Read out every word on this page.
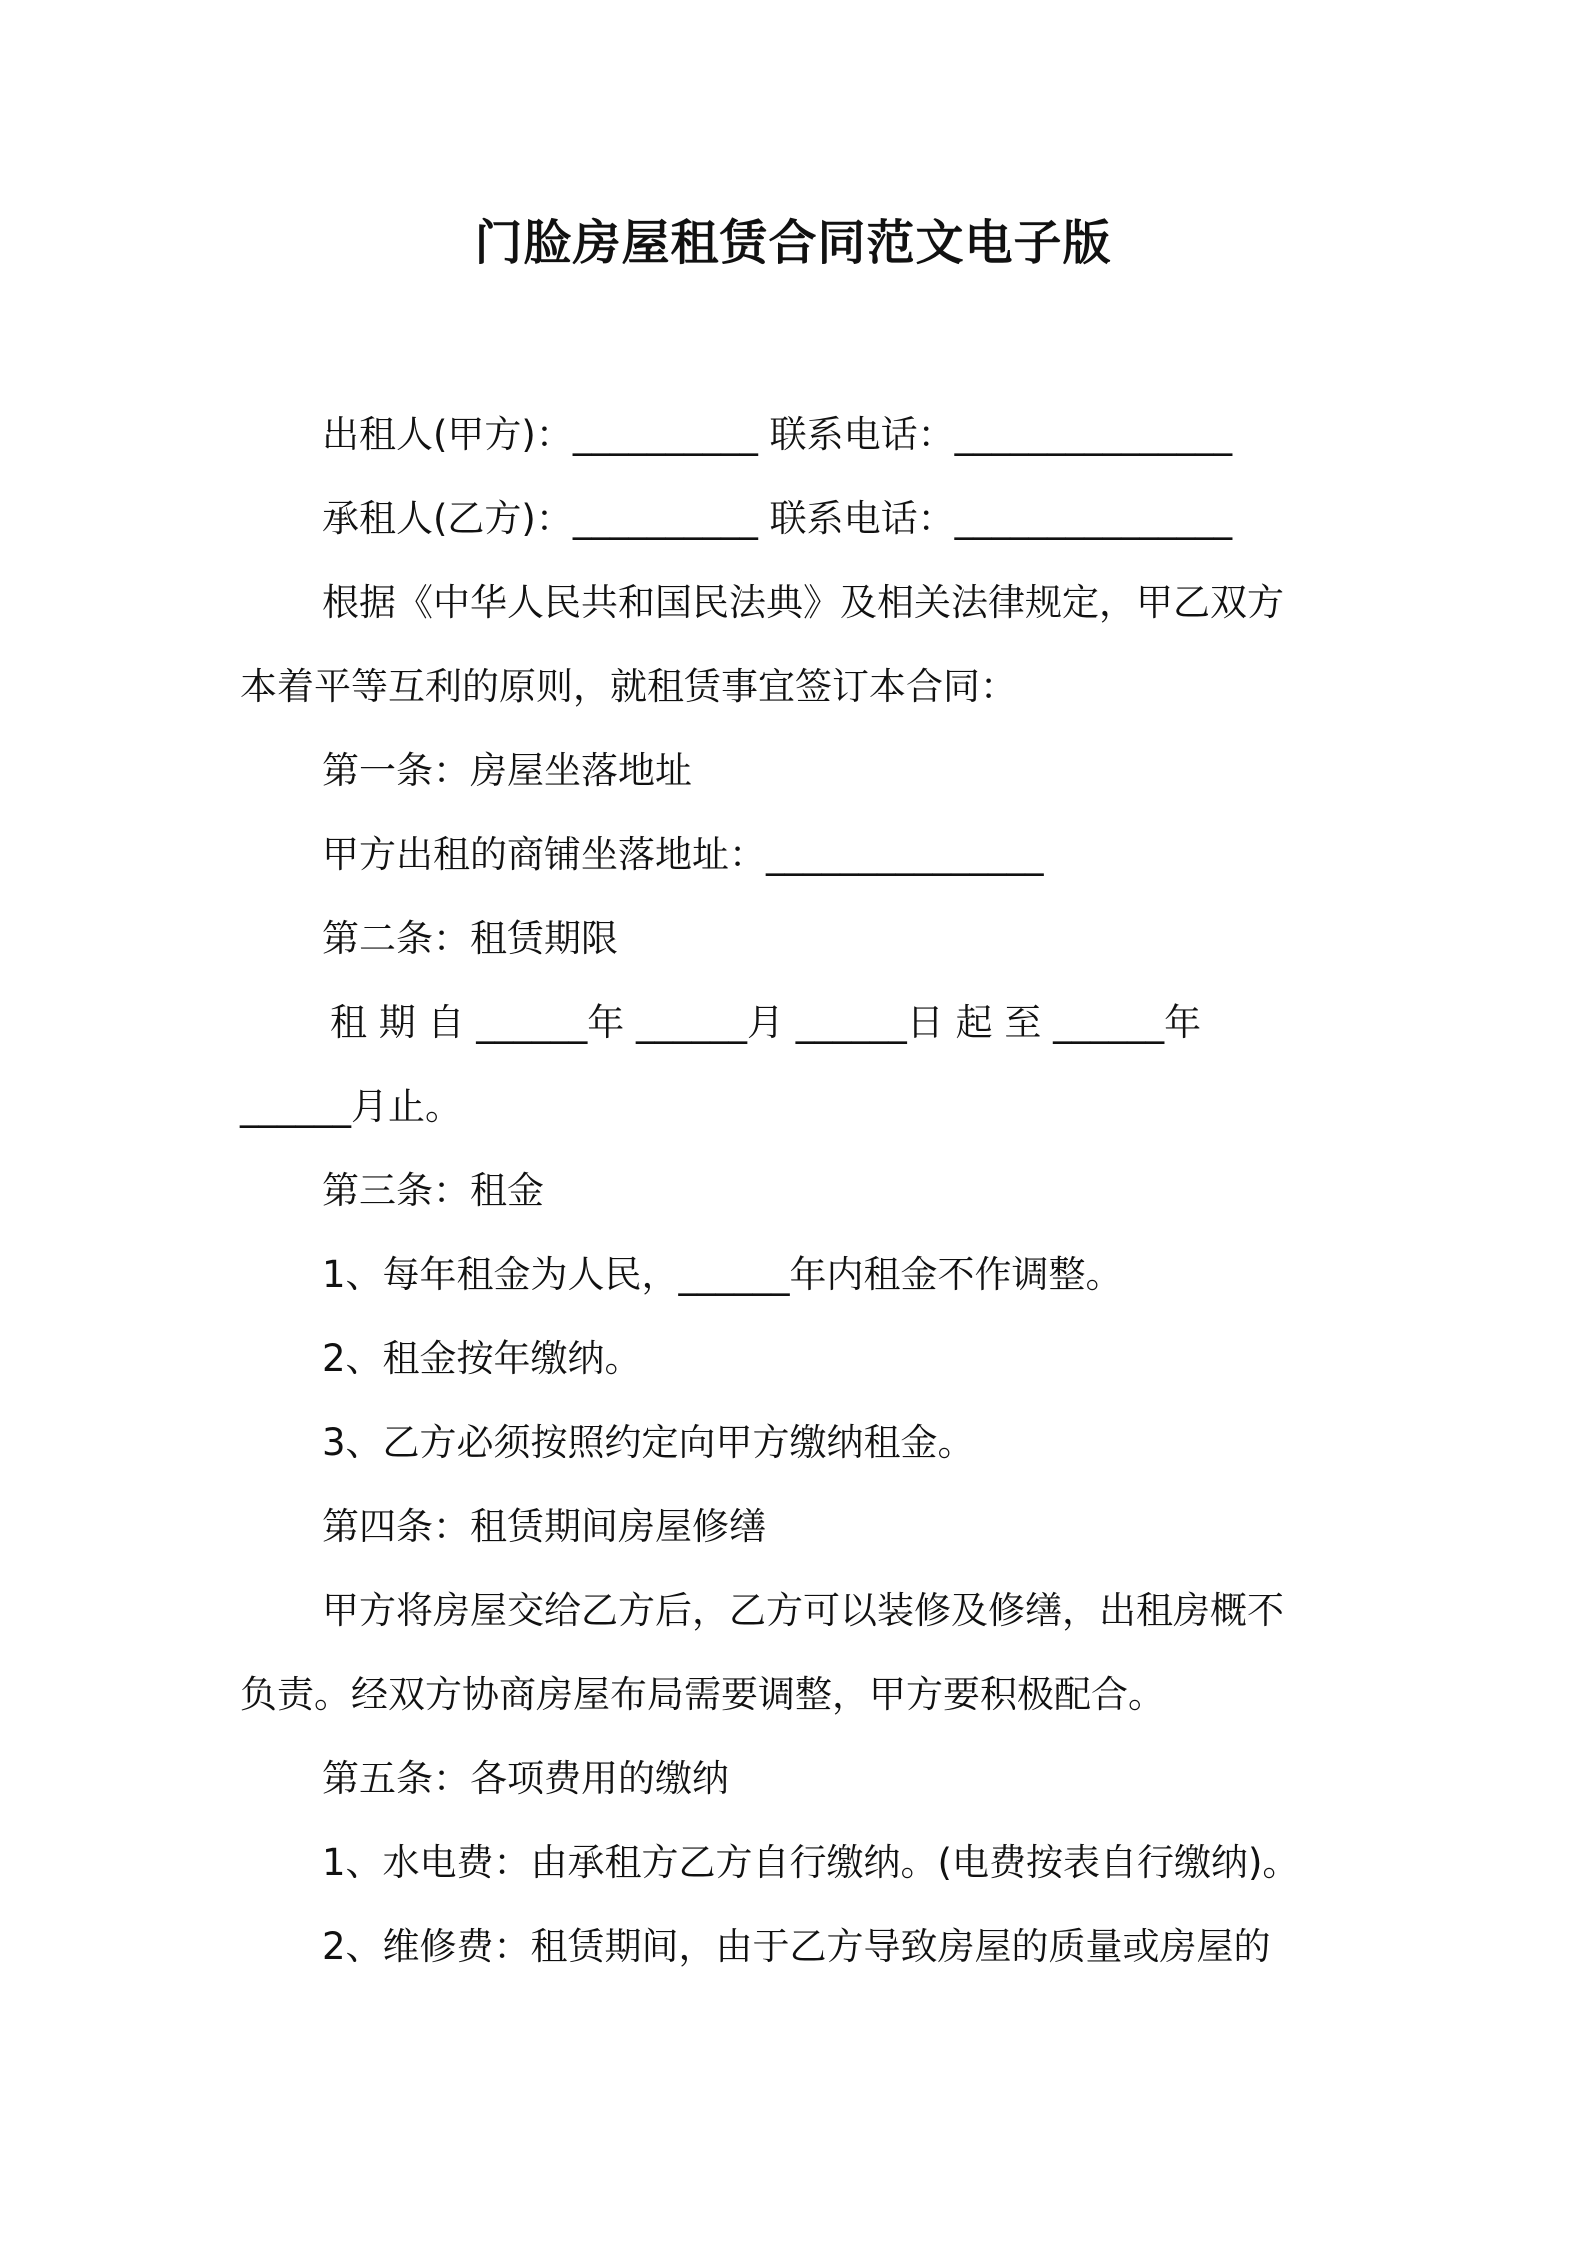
门脸房屋租赁合同范文电子版
出租人(甲方)：__________ 联系电话：_______________
承租人(乙方)：__________ 联系电话：_______________
根据《中华人民共和国民法典》及相关法律规定，甲乙双方
本着平等互利的原则，就租赁事宜签订本合同：
第一条：房屋坐落地址
甲方出租的商铺坐落地址：_______________
第二条：租赁期限
租 期 自 ______年 ______月 ______日 起 至 ______年
______月止。
第三条：租金
1、每年租金为人民，______年内租金不作调整。
2、租金按年缴纳。
3、乙方必须按照约定向甲方缴纳租金。
第四条：租赁期间房屋修缮
甲方将房屋交给乙方后，乙方可以装修及修缮，出租房概不
负责。经双方协商房屋布局需要调整，甲方要积极配合。
第五条：各项费用的缴纳
1、水电费：由承租方乙方自行缴纳。(电费按表自行缴纳)。
2、维修费：租赁期间，由于乙方导致房屋的质量或房屋的
